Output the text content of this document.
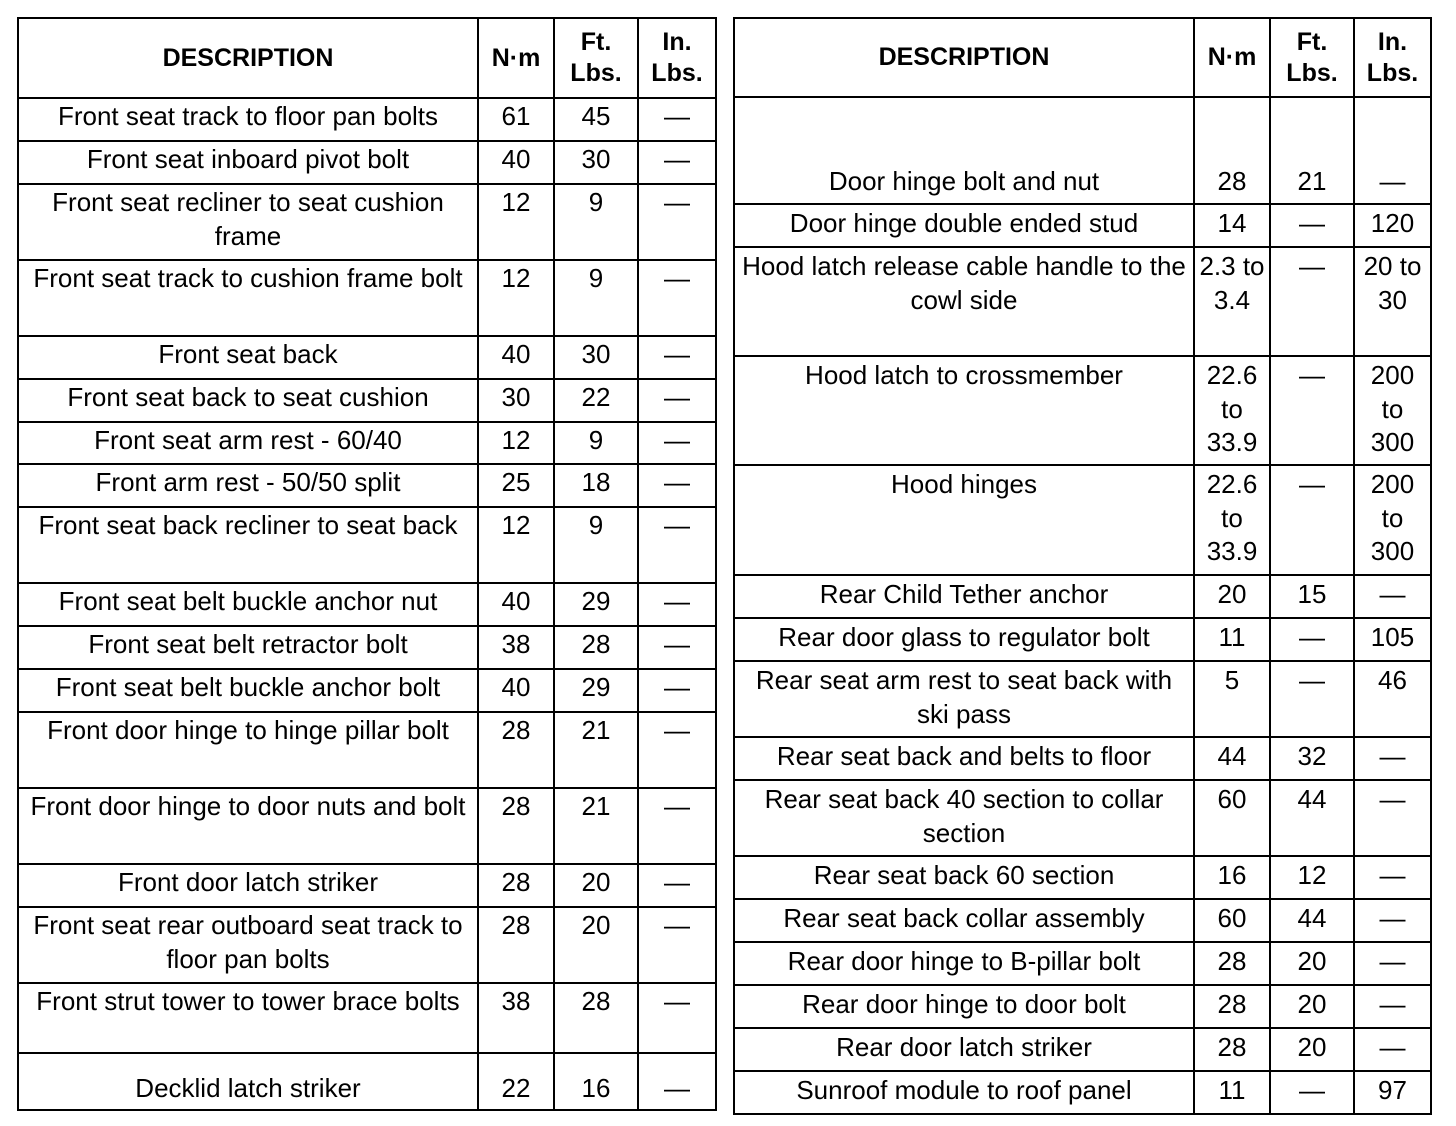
DESCRIPTION	N·m	Ft. Lbs.	In. Lbs.
Front seat track to floor pan bolts	61	45	—
Front seat inboard pivot bolt	40	30	—
Front seat recliner to seat cushion frame	12	9	—
Front seat track to cushion frame bolt	12	9	—
Front seat back	40	30	—
Front seat back to seat cushion	30	22	—
Front seat arm rest - 60/40	12	9	—
Front arm rest - 50/50 split	25	18	—
Front seat back recliner to seat back	12	9	—
Front seat belt buckle anchor nut	40	29	—
Front seat belt retractor bolt	38	28	—
Front seat belt buckle anchor bolt	40	29	—
Front door hinge to hinge pillar bolt	28	21	—
Front door hinge to door nuts and bolt	28	21	—
Front door latch striker	28	20	—
Front seat rear outboard seat track to floor pan bolts	28	20	—
Front strut tower to tower brace bolts	38	28	—
Decklid latch striker	22	16	—
DESCRIPTION	N·m	Ft. Lbs.	In. Lbs.
Door hinge bolt and nut	28	21	—
Door hinge double ended stud	14	—	120
Hood latch release cable handle to the cowl side	2.3 to 3.4	—	20 to 30
Hood latch to crossmember	22.6 to 33.9	—	200 to 300
Hood hinges	22.6 to 33.9	—	200 to 300
Rear Child Tether anchor	20	15	—
Rear door glass to regulator bolt	11	—	105
Rear seat arm rest to seat back with ski pass	5	—	46
Rear seat back and belts to floor	44	32	—
Rear seat back 40 section to collar section	60	44	—
Rear seat back 60 section	16	12	—
Rear seat back collar assembly	60	44	—
Rear door hinge to B-pillar bolt	28	20	—
Rear door hinge to door bolt	28	20	—
Rear door latch striker	28	20	—
Sunroof module to roof panel	11	—	97
